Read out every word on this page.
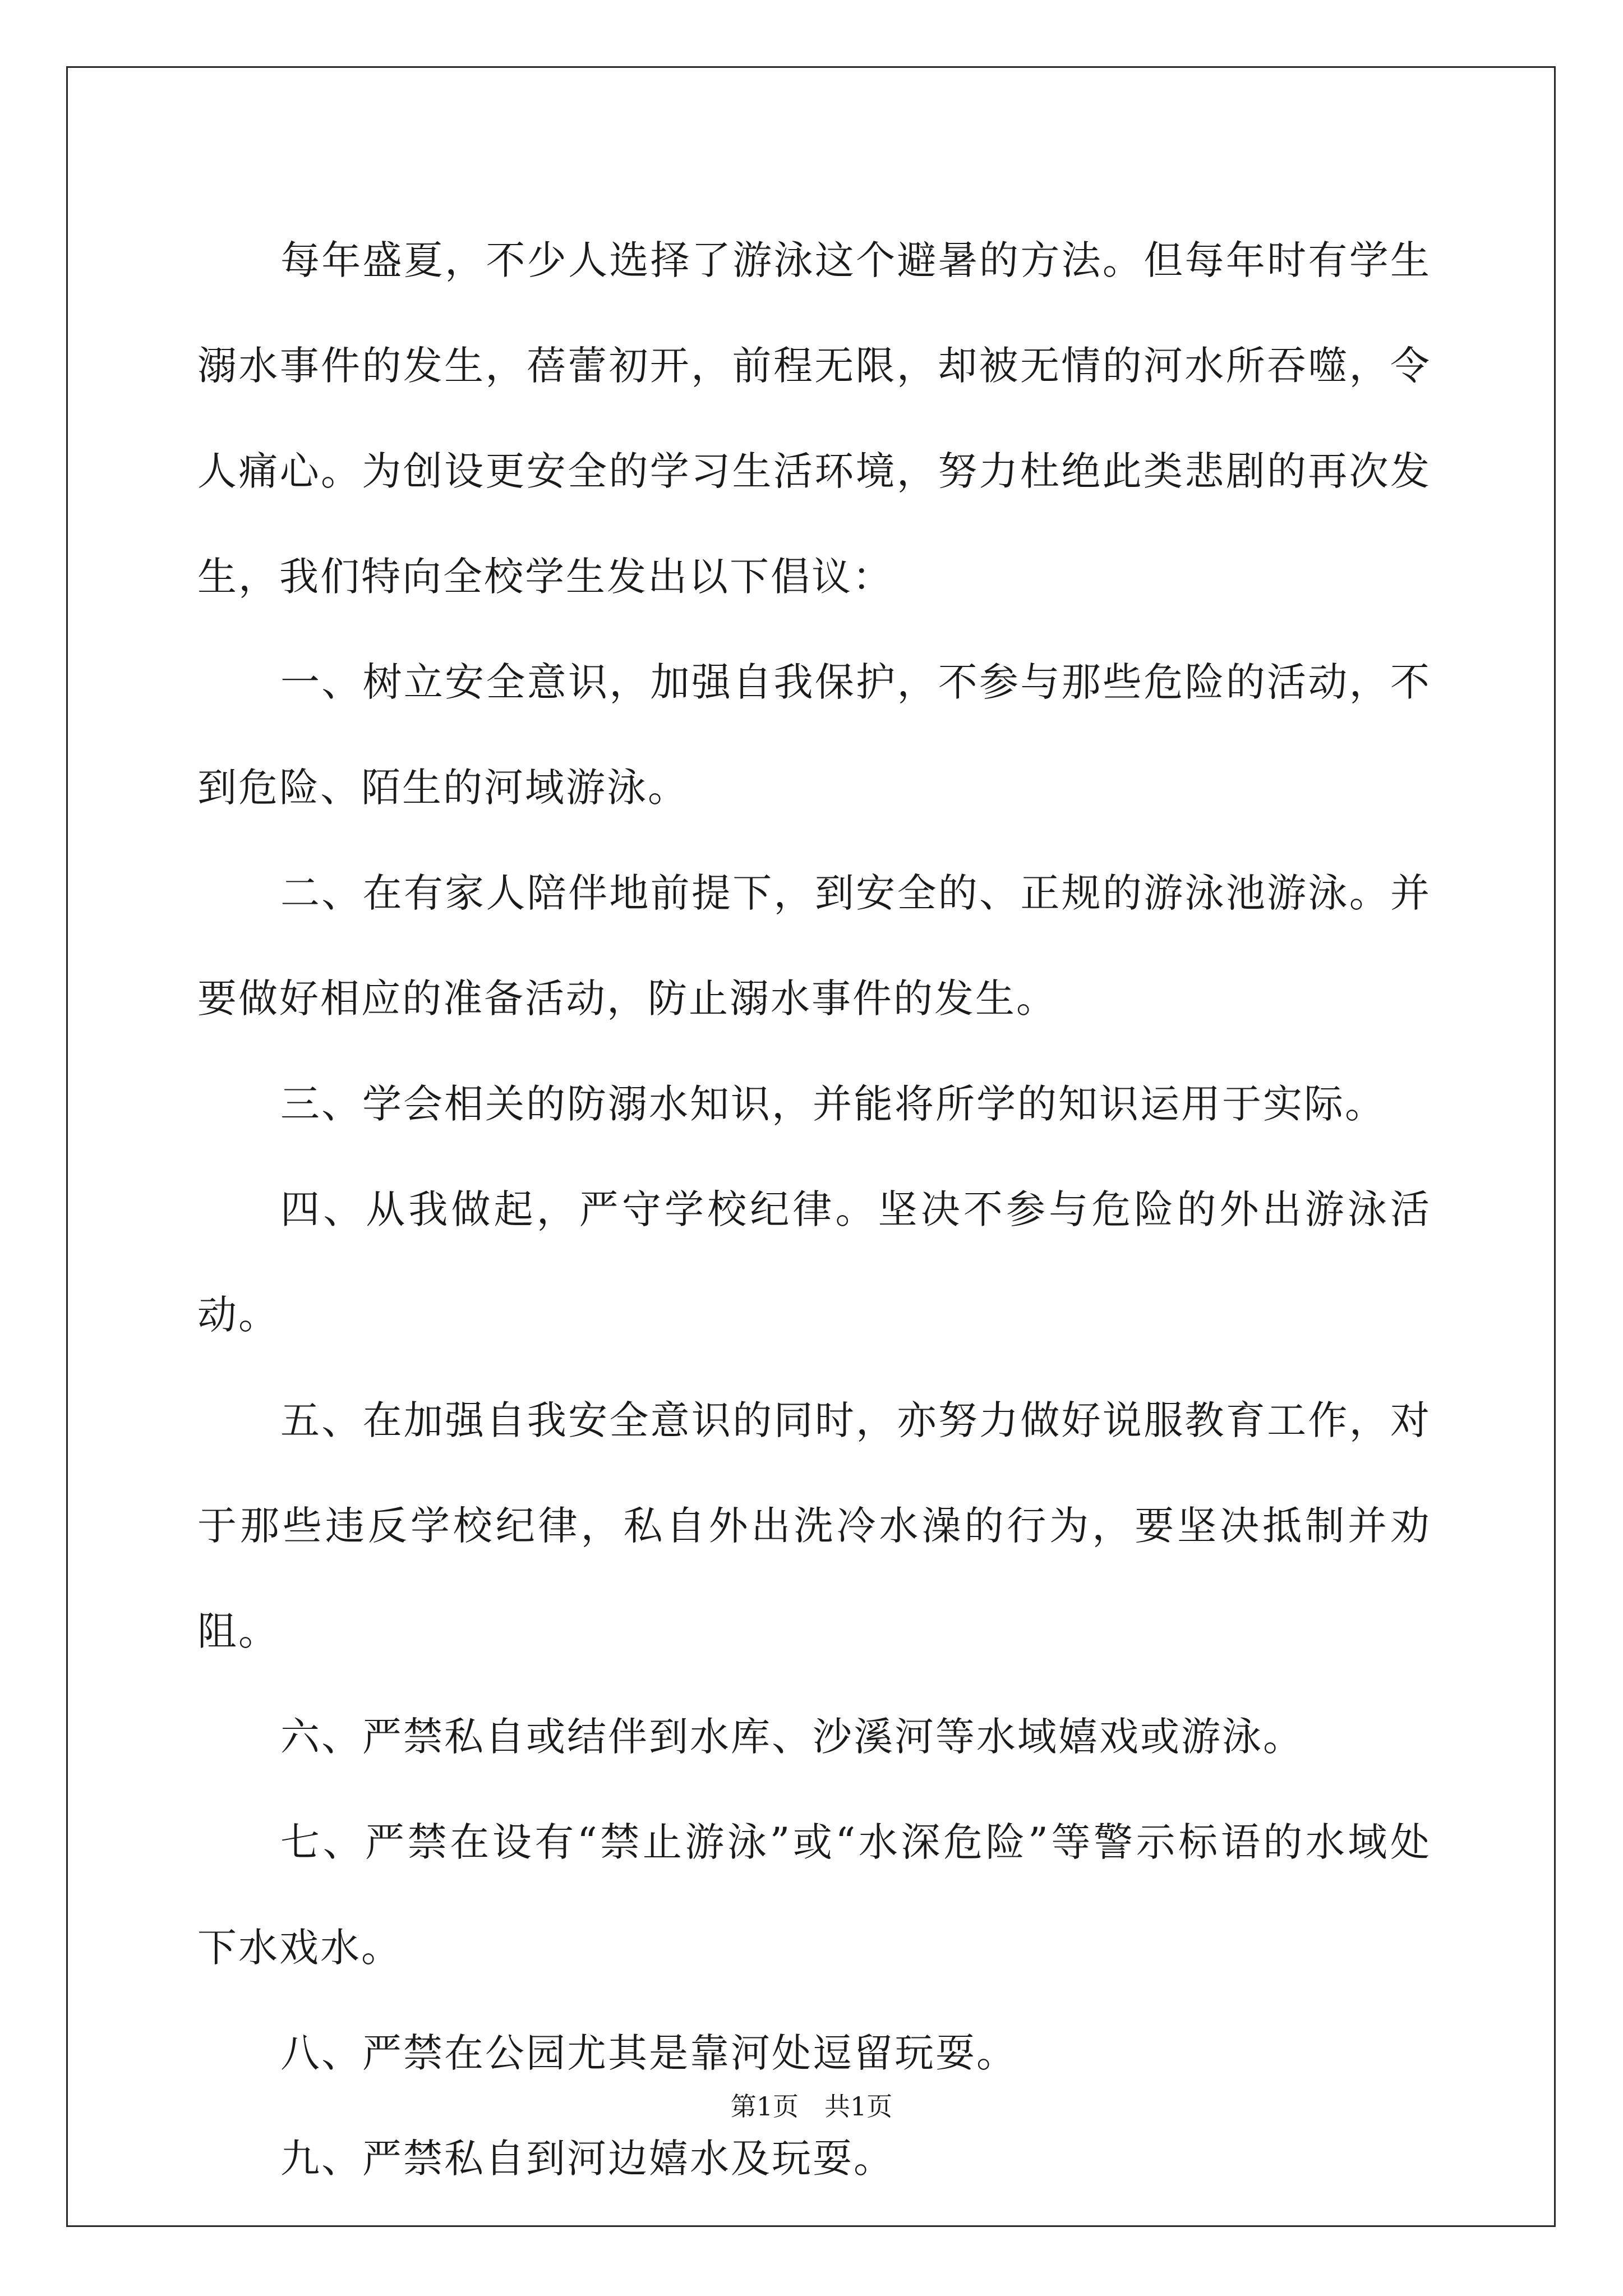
每年盛夏，不少人选择了游泳这个避暑的方法。但每年时有学生溺水事件的发生，蓓蕾初开，前程无限，却被无情的河水所吞噬，令人痛心。为创设更安全的学习生活环境，努力杜绝此类悲剧的再次发生，我们特向全校学生发出以下倡议：

一、树立安全意识，加强自我保护，不参与那些危险的活动，不到危险、陌生的河域游泳。

二、在有家人陪伴地前提下，到安全的、正规的游泳池游泳。并要做好相应的准备活动，防止溺水事件的发生。

三、学会相关的防溺水知识，并能将所学的知识运用于实际。

四、从我做起，严守学校纪律。坚决不参与危险的外出游泳活动。

五、在加强自我安全意识的同时，亦努力做好说服教育工作，对于那些违反学校纪律，私自外出洗冷水澡的行为，要坚决抵制并劝阻。

六、严禁私自或结伴到水库、沙溪河等水域嬉戏或游泳。

七、严禁在设有“禁止游泳”或“水深危险”等警示标语的水域处下水戏水。

八、严禁在公园尤其是靠河处逗留玩耍。

九、严禁私自到河边嬉水及玩耍。

第1页　共1页
